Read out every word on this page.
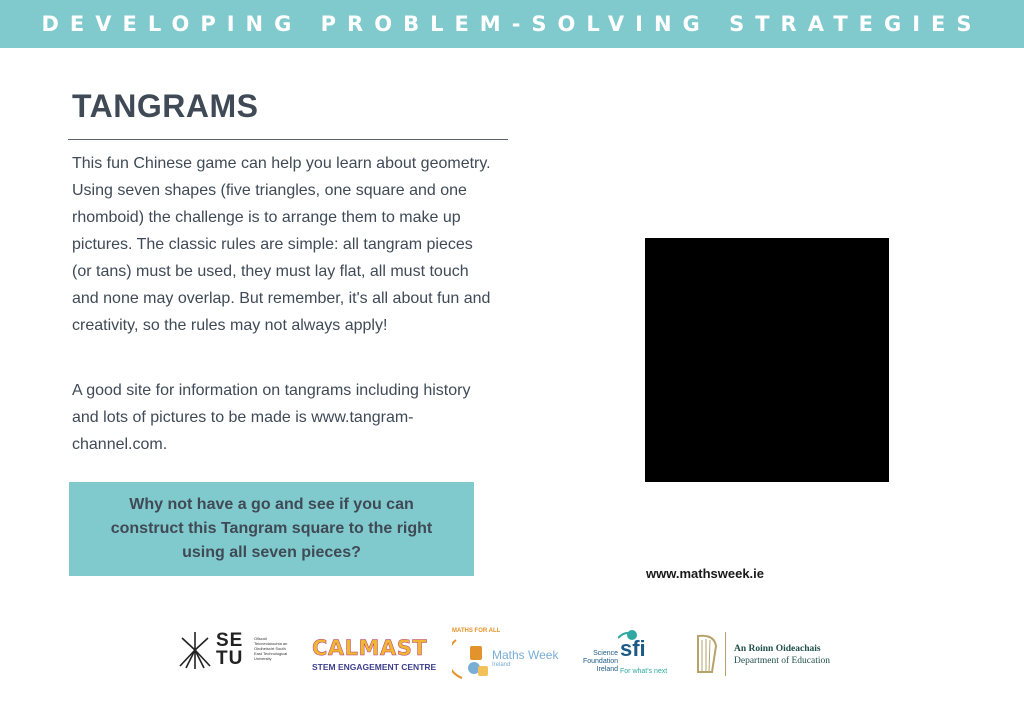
DEVELOPING PROBLEM-SOLVING STRATEGIES
TANGRAMS

This fun Chinese game can help you learn about geometry. Using seven shapes (five triangles, one square and one rhomboid) the challenge is to arrange them to make up pictures. The classic rules are simple: all tangram pieces (or tans) must be used, they must lay flat, all must touch and none may overlap. But remember, it's all about fun and creativity, so the rules may not always apply!

A good site for information on tangrams including history and lots of pictures to be made is www.tangram-channel.com.

Why not have a go and see if you can construct this Tangram square to the right using all seven pieces?
www.mathsweek.ie
SE
TU
Ollscoil Teicneolaíochta an Oirdheiscirt South East Technological University	CALMAST
STEM ENGAGEMENT CENTRE
MATHS FOR ALL
Maths Week
Ireland
Science Foundation Ireland
sfi
For what's next
An Roinn Oideachais
Department of Education
